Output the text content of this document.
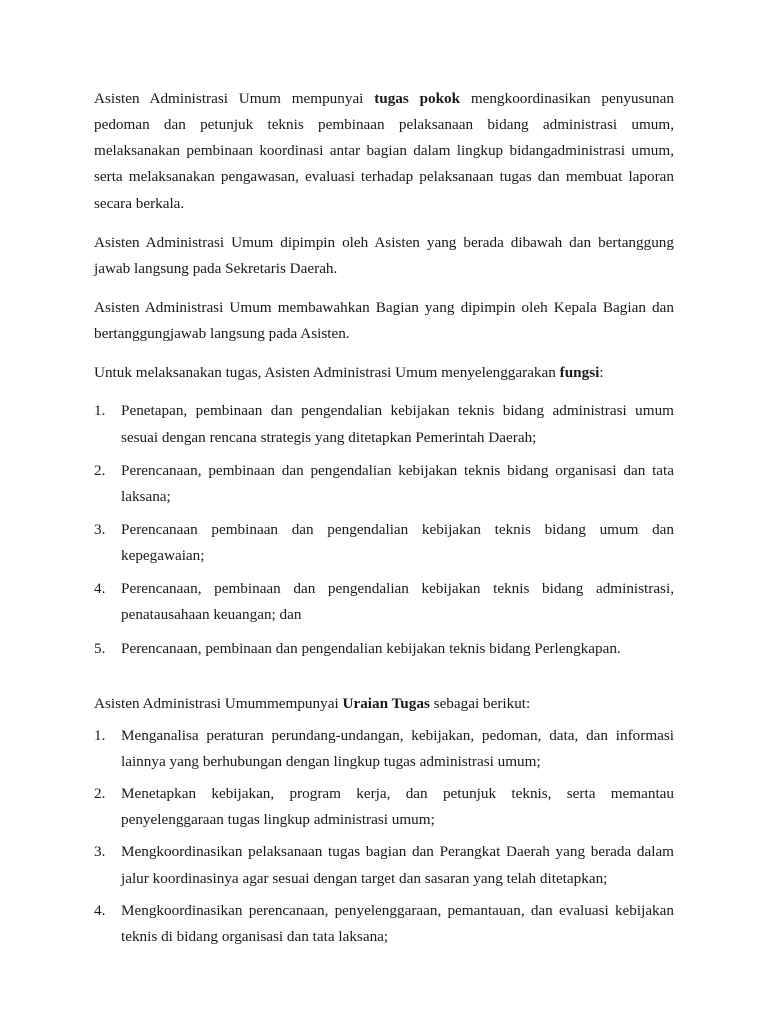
Asisten Administrasi Umum mempunyai tugas pokok mengkoordinasikan penyusunan pedoman dan petunjuk teknis pembinaan pelaksanaan bidang administrasi umum, melaksanakan pembinaan koordinasi antar bagian dalam lingkup bidangadministrasi umum, serta melaksanakan pengawasan, evaluasi terhadap pelaksanaan tugas dan membuat laporan secara berkala.

Asisten Administrasi Umum dipimpin oleh Asisten yang berada dibawah dan bertanggung jawab langsung pada Sekretaris Daerah.

Asisten Administrasi Umum membawahkan Bagian yang dipimpin oleh Kepala Bagian dan bertanggungjawab langsung pada Asisten.

Untuk melaksanakan tugas, Asisten Administrasi Umum menyelenggarakan fungsi:

1.	Penetapan, pembinaan dan pengendalian kebijakan teknis bidang administrasi umum sesuai dengan rencana strategis yang ditetapkan Pemerintah Daerah;
2.	Perencanaan, pembinaan dan pengendalian kebijakan teknis bidang organisasi dan tata laksana;
3.	Perencanaan pembinaan dan pengendalian kebijakan teknis bidang umum dan kepegawaian;
4.	Perencanaan, pembinaan dan pengendalian kebijakan teknis bidang administrasi, penatausahaan keuangan; dan
5.	Perencanaan, pembinaan dan pengendalian kebijakan teknis bidang Perlengkapan.

Asisten Administrasi Umummempunyai Uraian Tugas sebagai berikut:

1.	Menganalisa peraturan perundang-undangan, kebijakan, pedoman, data, dan informasi lainnya yang berhubungan dengan lingkup tugas administrasi umum;
2.	Menetapkan kebijakan, program kerja, dan petunjuk teknis, serta memantau penyelenggaraan tugas lingkup administrasi umum;
3.	Mengkoordinasikan pelaksanaan tugas bagian dan Perangkat Daerah yang berada dalam jalur koordinasinya agar sesuai dengan target dan sasaran yang telah ditetapkan;
4.	Mengkoordinasikan perencanaan, penyelenggaraan, pemantauan, dan evaluasi kebijakan teknis di bidang organisasi dan tata laksana;
